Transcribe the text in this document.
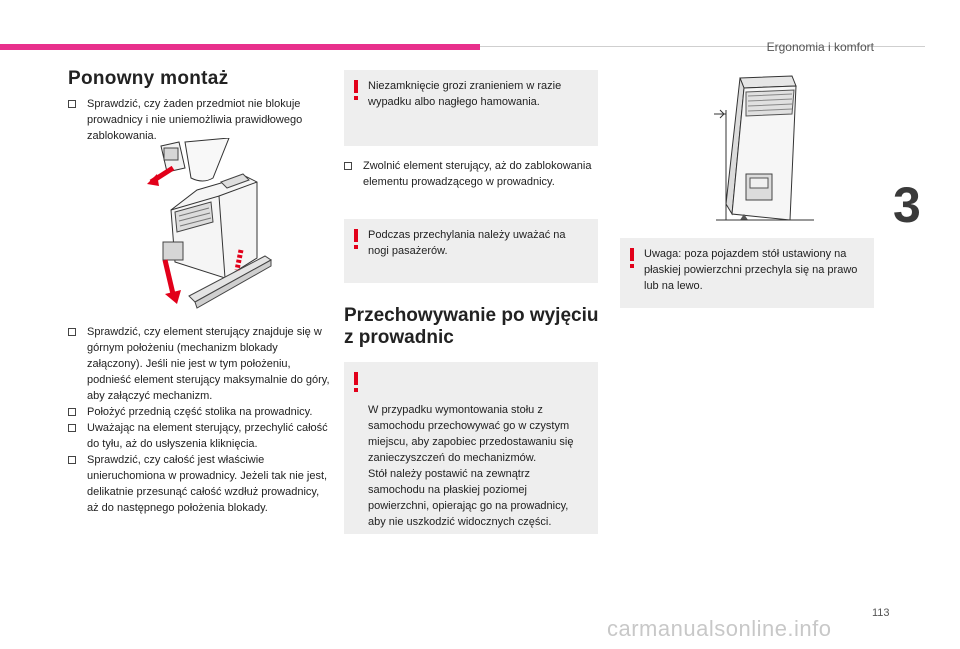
Ergonomia i komfort
3
Ponowny montaż
Sprawdzić, czy żaden przedmiot nie blokuje prowadnicy i nie uniemożliwia prawidłowego zablokowania.
Sprawdzić, czy element sterujący znajduje się w górnym położeniu (mechanizm blokady załączony). Jeśli nie jest w tym położeniu, podnieść element sterujący maksymalnie do góry, aby załączyć mechanizm.
Położyć przednią część stolika na prowadnicy.
Uważając na element sterujący, przechylić całość do tyłu, aż do usłyszenia kliknięcia.
Sprawdzić, czy całość jest właściwie unieruchomiona w prowadnicy. Jeżeli tak nie jest, delikatnie przesunąć całość wzdłuż prowadnicy, aż do następnego położenia blokady.
Niezamknięcie grozi zranieniem w razie wypadku albo nagłego hamowania.
Zwolnić element sterujący, aż do zablokowania elementu prowadzącego w prowadnicy.
Podczas przechylania należy uważać na nogi pasażerów.
Przechowywanie po wyjęciu z prowadnic

W przypadku wymontowania stołu z samochodu przechowywać go w czystym miejscu, aby zapobiec przedostawaniu się zanieczyszczeń do mechanizmów.
Stół należy postawić na zewnątrz samochodu na płaskiej poziomej powierzchni, opierając go na prowadnicy, aby nie uszkodzić widocznych części.

Uwaga: poza pojazdem stół ustawiony na płaskiej powierzchni przechyla się na prawo lub na lewo.
113
carmanualsonline.info
